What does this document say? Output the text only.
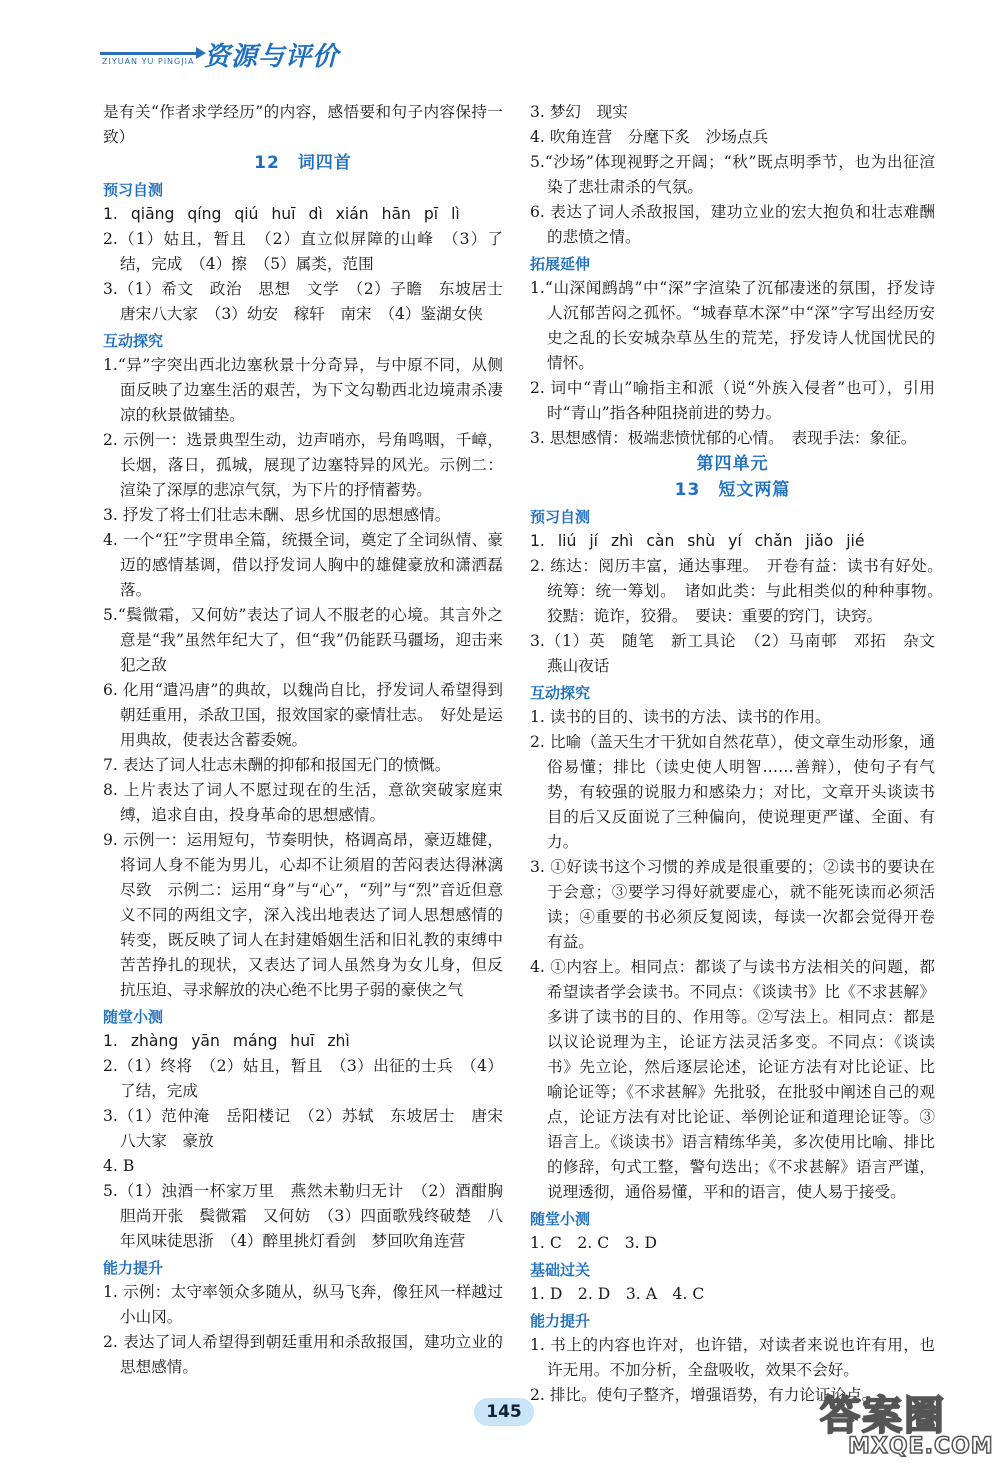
ZIYUAN YU PINGJIA 资源与评价
是有关“作者求学经历”的内容，感悟要和句子内容保持一致）
12　词四首
预习自测
1. qiāng qíng qiú huī dì xián hān pī lì
2.（1）姑且，暂且　（2）直立似屏障的山峰　（3）了结，完成　（4）擦　（5）属类，范围
3.（1）希文　政治　思想　文学　（2）子瞻　东坡居士　唐宋八大家　（3）幼安　稼轩　南宋　（4）鉴湖女侠
互动探究
1.“异”字突出西北边塞秋景十分奇异，与中原不同，从侧面反映了边塞生活的艰苦，为下文勾勒西北边境肃杀凄凉的秋景做铺垫。
2. 示例一：选景典型生动，边声哨亦，号角鸣咽，千嶂，长烟，落日，孤城，展现了边塞特异的风光。示例二：渲染了深厚的悲凉气氛，为下片的抒情蓄势。
3. 抒发了将士们壮志未酬、思乡忧国的思想感情。
4. 一个“狂”字贯串全篇，统摄全词，奠定了全词纵情、豪迈的感情基调，借以抒发词人胸中的雄健豪放和潇洒磊落。
5.“鬓微霜，又何妨”表达了词人不服老的心境。其言外之意是“我”虽然年纪大了，但“我”仍能跃马疆场，迎击来犯之敌
6. 化用“遣冯唐”的典故，以魏尚自比，抒发词人希望得到朝廷重用，杀敌卫国，报效国家的豪情壮志。　好处是运用典故，使表达含蓄委婉。
7. 表达了词人壮志未酬的抑郁和报国无门的愤慨。
8. 上片表达了词人不愿过现在的生活，意欲突破家庭束缚，追求自由，投身革命的思想感情。
9. 示例一：运用短句，节奏明快，格调高昂，豪迈雄健，将词人身不能为男儿，心却不让须眉的苦闷表达得淋漓尽致　示例二：运用“身”与“心”，“列”与“烈”音近但意义不同的两组文字，深入浅出地表达了词人思想感情的转变，既反映了词人在封建婚姻生活和旧礼教的束缚中苦苦挣扎的现状，又表达了词人虽然身为女儿身，但反抗压迫、寻求解放的决心绝不比男子弱的豪侠之气
随堂小测
1. zhàng yān máng huī zhì
2.（1）终将　（2）姑且，暂且　（3）出征的士兵　（4）了结，完成
3.（1）范仲淹　岳阳楼记　（2）苏轼　东坡居士　唐宋八大家　豪放
4. B
5.（1）浊酒一杯家万里　燕然未勒归无计　（2）酒酣胸胆尚开张　鬓微霜　又何妨　（3）四面歌残终破楚　八年风味徒思浙　（4）醉里挑灯看剑　梦回吹角连营
能力提升
1. 示例：太守率领众多随从，纵马飞奔，像狂风一样越过小山冈。
2. 表达了词人希望得到朝廷重用和杀敌报国，建功立业的思想感情。
3. 梦幻　现实
4. 吹角连营　分麾下炙　沙场点兵
5.“沙场”体现视野之开阔；“秋”既点明季节，也为出征渲染了悲壮肃杀的气氛。
6. 表达了词人杀敌报国，建功立业的宏大抱负和壮志难酬的悲愤之情。
拓展延伸
1.“山深闻鹧鸪”中“深”字渲染了沉郁凄迷的氛围，抒发诗人沉郁苦闷之孤怀。“城春草木深”中“深”字写出经历安史之乱的长安城杂草丛生的荒芜，抒发诗人忧国忧民的情怀。
2. 词中“青山”喻指主和派（说“外族入侵者”也可），引用时“青山”指各种阻挠前进的势力。
3. 思想感情：极端悲愤忧郁的心情。　表现手法：象征。
第四单元
13　短文两篇
预习自测
1. liú jí zhì càn shù yí chǎn jiǎo jié
2. 练达：阅历丰富，通达事理。　开卷有益：读书有好处。　统筹：统一筹划。　诸如此类：与此相类似的种种事物。　狡黠：诡诈，狡猾。　要诀：重要的窍门，诀窍。
3.（1）英　随笔　新工具论　（2）马南邨　邓拓　杂文　燕山夜话
互动探究
1. 读书的目的、读书的方法、读书的作用。
2. 比喻（盖天生才干犹如自然花草），使文章生动形象，通俗易懂；排比（读史使人明智……善辩），使句子有气势，有较强的说服力和感染力；对比，文章开头谈读书目的后又反面说了三种偏向，使说理更严谨、全面、有力。
3. ①好读书这个习惯的养成是很重要的；②读书的要诀在于会意；③要学习得好就要虚心，就不能死读而必须活读；④重要的书必须反复阅读，每读一次都会觉得开卷有益。
4. ①内容上。相同点：都谈了与读书方法相关的问题，都希望读者学会读书。不同点：《谈读书》比《不求甚解》多讲了读书的目的、作用等。②写法上。相同点：都是以议论说理为主，论证方法灵活多变。不同点：《谈读书》先立论，然后逐层论述，论证方法有对比论证、比喻论证等；《不求甚解》先批驳，在批驳中阐述自己的观点，论证方法有对比论证、举例论证和道理论证等。③语言上。《谈读书》语言精练华美，多次使用比喻、排比的修辞，句式工整，警句迭出；《不求甚解》语言严谨，说理透彻，通俗易懂，平和的语言，使人易于接受。
随堂小测
1. C　2. C　3. D
基础过关
1. D　2. D　3. A　4. C
能力提升
1. 书上的内容也许对，也许错，对读者来说也许有用，也许无用。不加分析，全盘吸收，效果不会好。
2. 排比。使句子整齐，增强语势，有力论证论点。
145	答案圈
MXQE.COM
